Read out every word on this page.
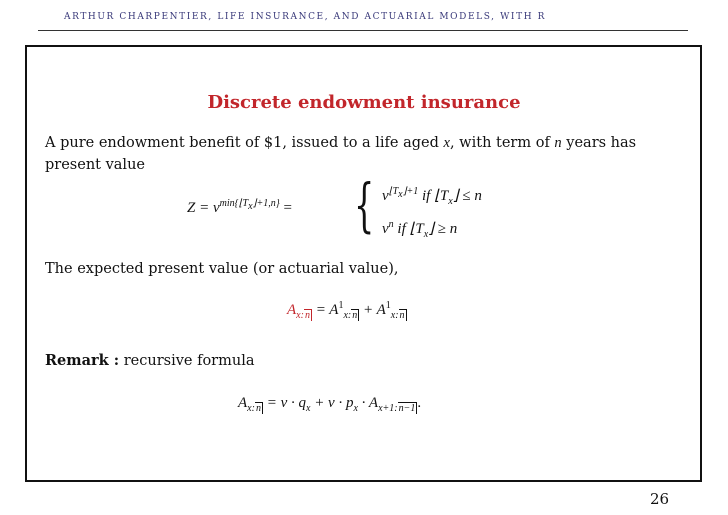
ARTHUR CHARPENTIER, LIFE INSURANCE, AND ACTUARIAL MODELS, WITH R
Discrete endowment insurance
A pure endowment benefit of $1, issued to a life aged x, with term of n years has
present value
$Z = \nu^{min\{⌊T_x⌋+1,n\}}$ = { $\nu^{⌊T_x⌋+1}$ if $⌊T_x⌋ \le n$
$\nu^n$ if $⌊T_x⌋ \ge n$
The expected present value (or actuarial value),
$A_{x:n} = A^1_{x:n} + A^1_{x:n}$
Remark : recursive formula
$A_{x:n} = \nu \cdot q_x + \nu \cdot p_x \cdot A_{x+1:n-1}$ .
26
